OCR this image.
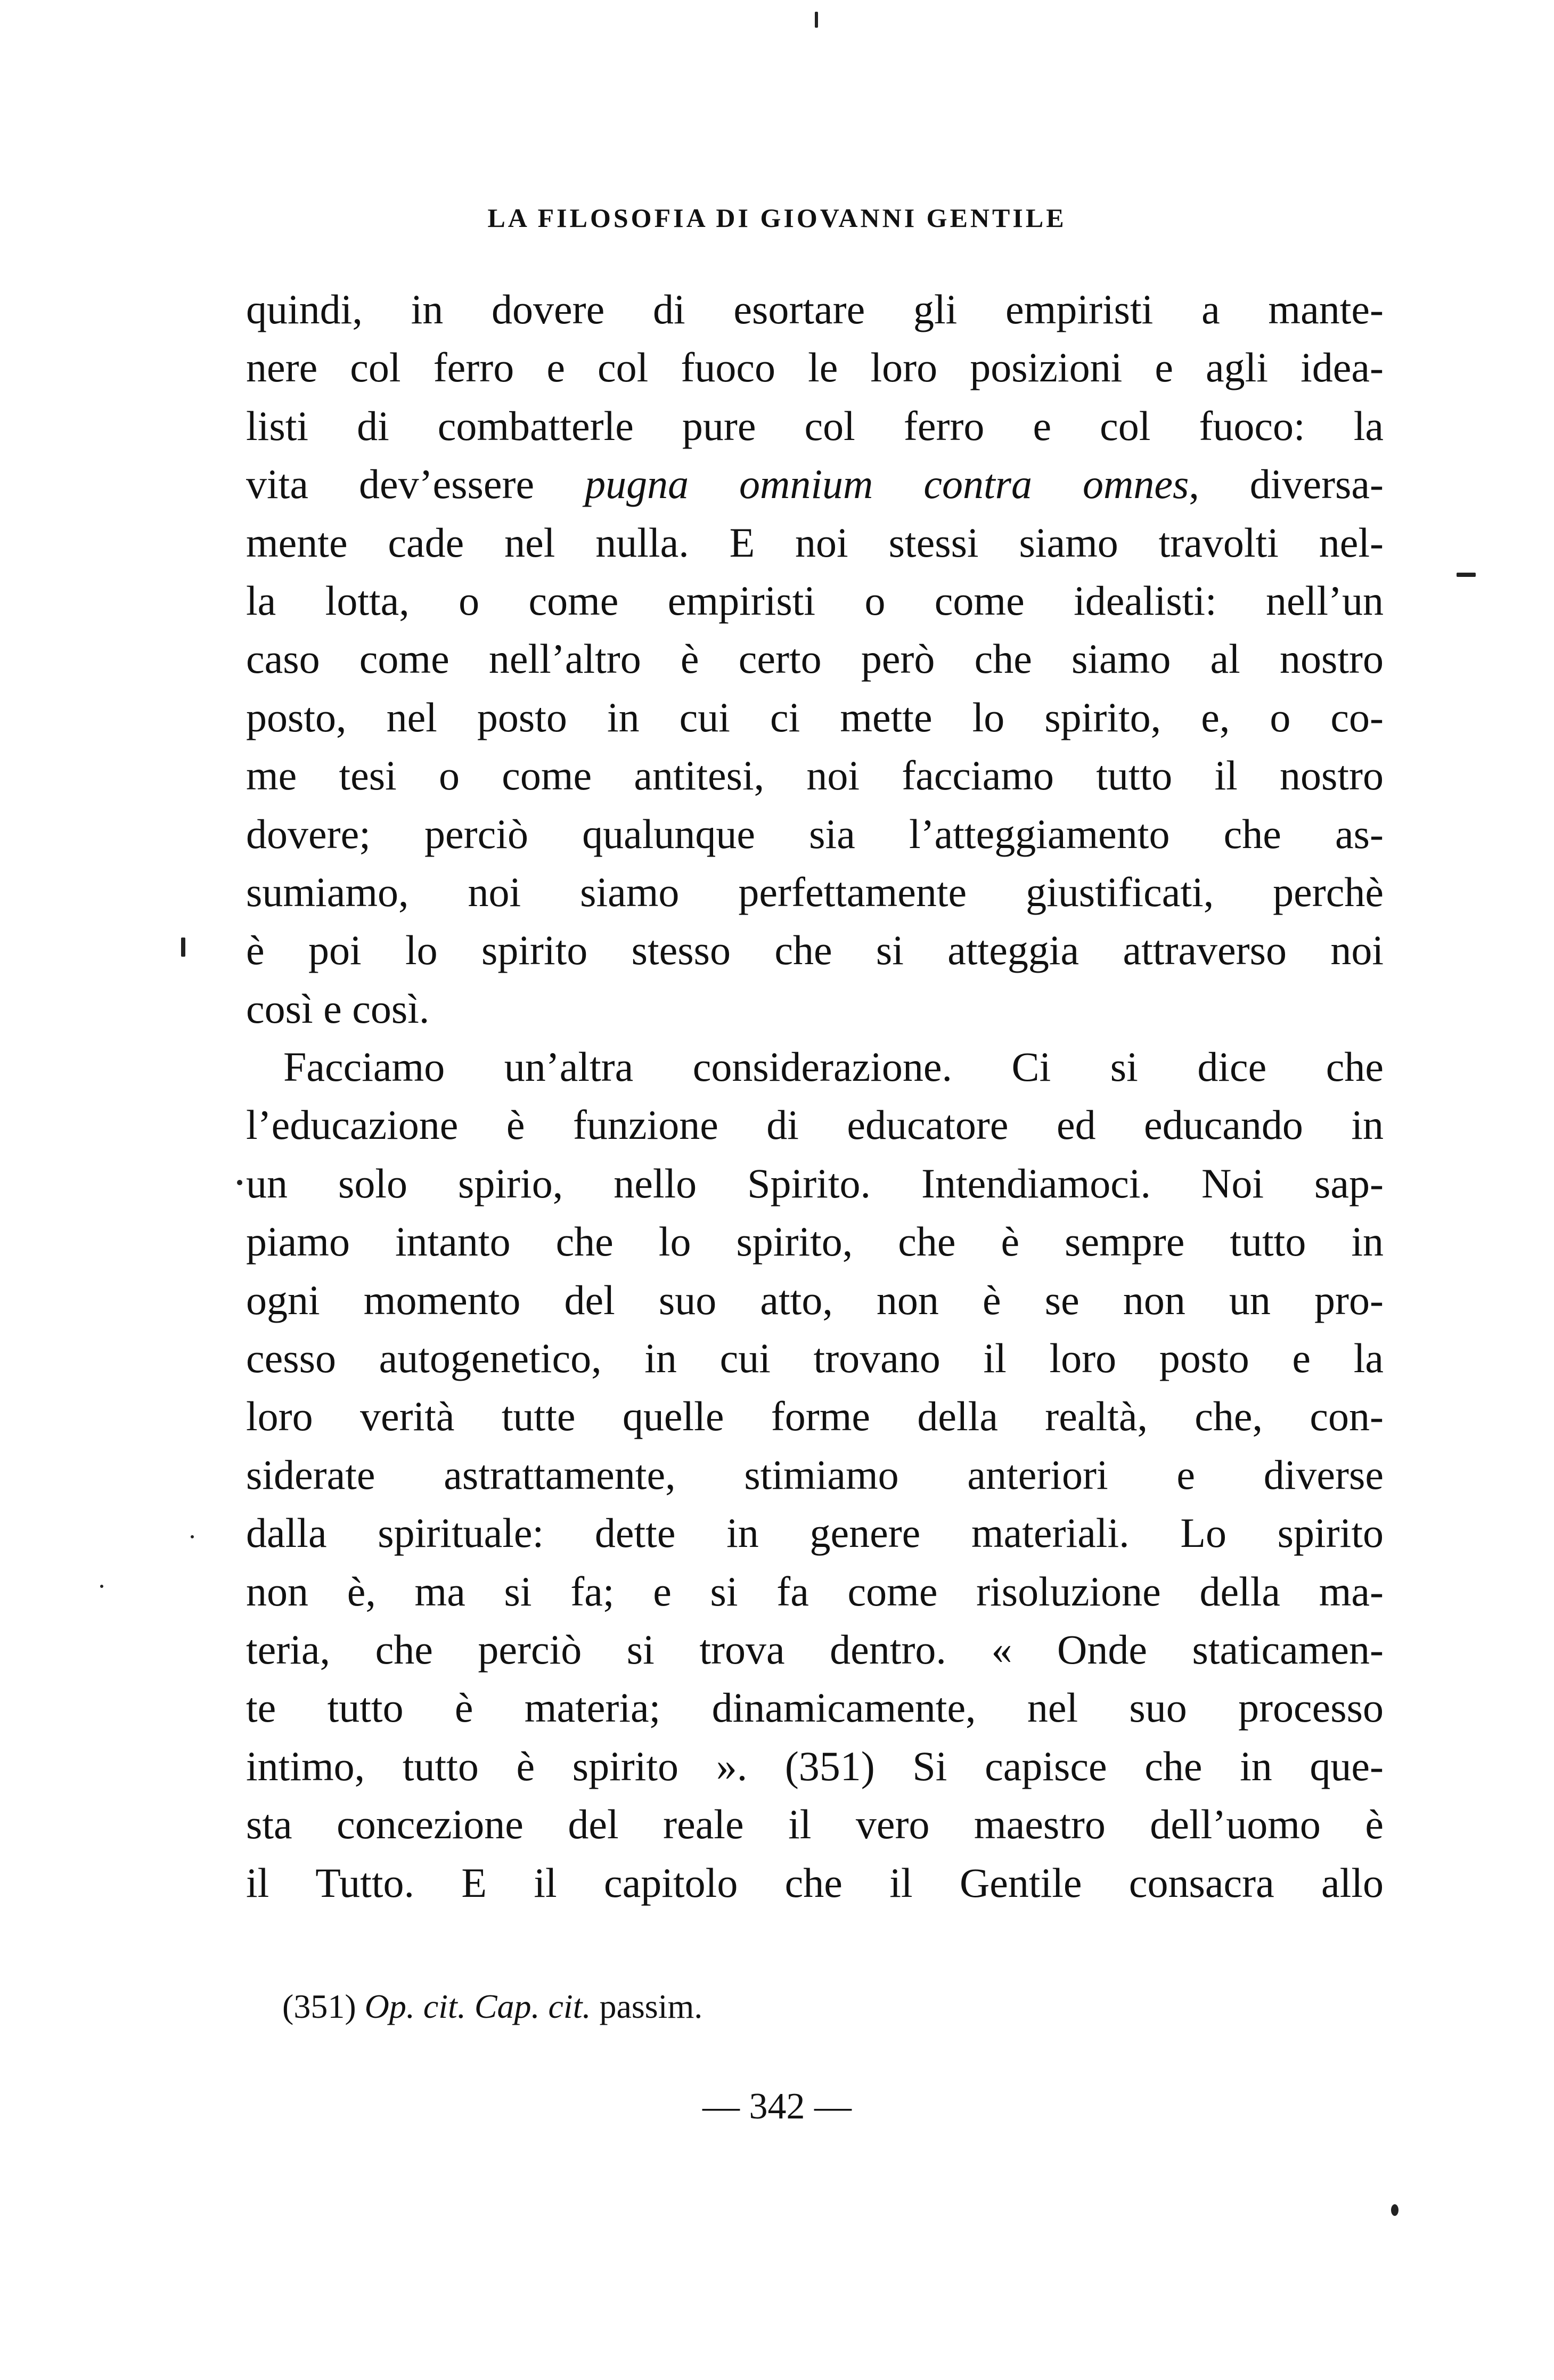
LA FILOSOFIA DI GIOVANNI GENTILE
quindi, in dovere di esortare gli empiristi a mante-
nere col ferro e col fuoco le loro posizioni e agli idea-
listi di combatterle pure col ferro e col fuoco: la
vita dev’essere pugna omnium contra omnes, diversa-
mente cade nel nulla. E noi stessi siamo travolti nel-
la lotta, o come empiristi o come idealisti: nell’un
caso come nell’altro è certo però che siamo al nostro
posto, nel posto in cui ci mette lo spirito, e, o co-
me tesi o come antitesi, noi facciamo tutto il nostro
dovere; perciò qualunque sia l’atteggiamento che as-
sumiamo, noi siamo perfettamente giustificati, perchè
è poi lo spirito stesso che si atteggia attraverso noi
così e così.
Facciamo un’altra considerazione. Ci si dice che
l’educazione è funzione di educatore ed educando in
un solo spirio, nello Spirito. Intendiamoci. Noi sap-
piamo intanto che lo spirito, che è sempre tutto in
ogni momento del suo atto, non è se non un pro-
cesso autogenetico, in cui trovano il loro posto e la
loro verità tutte quelle forme della realtà, che, con-
siderate astrattamente, stimiamo anteriori e diverse
dalla spirituale: dette in genere materiali. Lo spirito
non è, ma si fa; e si fa come risoluzione della ma-
teria, che perciò si trova dentro. « Onde staticamen-
te tutto è materia; dinamicamente, nel suo processo
intimo, tutto è spirito ». (351) Si capisce che in que-
sta concezione del reale il vero maestro dell’uomo è
il Tutto. E il capitolo che il Gentile consacra allo
(351) Op. cit. Cap. cit. passim.
— 342 —
